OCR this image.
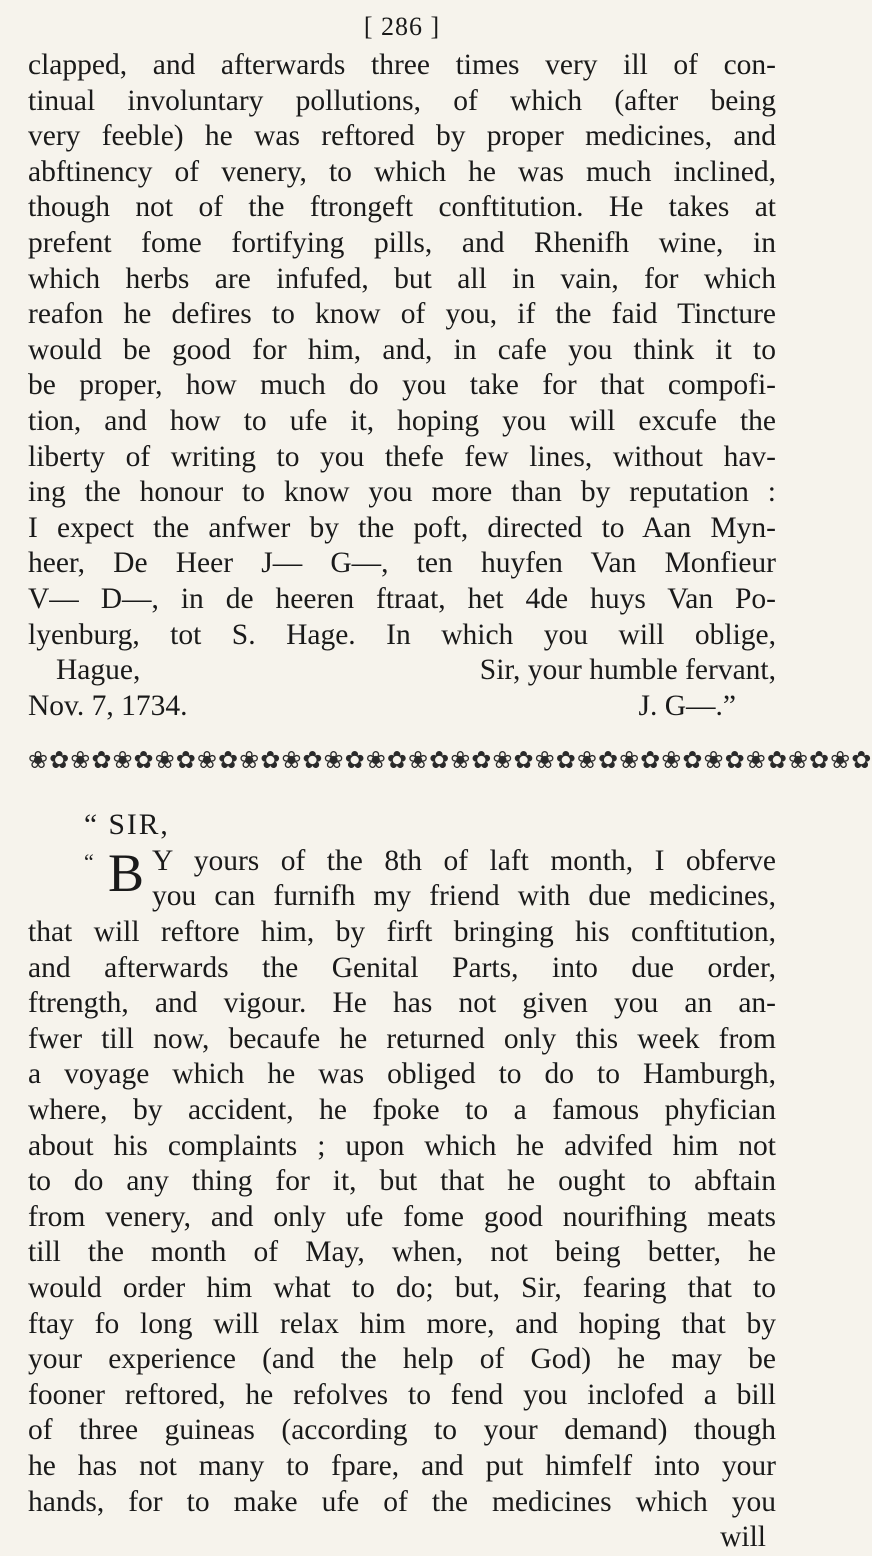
[ 286 ]
clapped, and afterwards three times very ill of con-
tinual involuntary pollutions, of which (after being
very feeble) he was reftored by proper medicines, and
abftinency of venery, to which he was much inclined,
though not of the ftrongeft conftitution. He takes at
prefent fome fortifying pills, and Rhenifh wine, in
which herbs are infufed, but all in vain, for which
reafon he defires to know of you, if the faid Tincture
would be good for him, and, in cafe you think it to
be proper, how much do you take for that compofi-
tion, and how to ufe it, hoping you will excufe the
liberty of writing to you thefe few lines, without hav-
ing the honour to know you more than by reputation :
I expect the anfwer by the poft, directed to Aan Myn-
heer, De Heer J— G—, ten huyfen Van Monfieur
V— D—, in de heeren ftraat, het 4de huys Van Po-
lyenburg, tot S. Hage. In which you will oblige,
Hague,	Sir, your humble fervant,
Nov. 7, 1734.	J. G—.”
❀✿❀✿❀✿❀✿❀✿❀✿❀✿❀✿❀✿❀✿❀✿❀✿❀✿❀✿❀✿❀✿❀✿❀✿❀✿❀✿
“ SIR,
“ B Y yours of the 8th of laft month, I obferve
you can furnifh my friend with due medicines,
that will reftore him, by firft bringing his conftitution,
and afterwards the Genital Parts, into due order,
ftrength, and vigour. He has not given you an an-
fwer till now, becaufe he returned only this week from
a voyage which he was obliged to do to Hamburgh,
where, by accident, he fpoke to a famous phyfician
about his complaints ; upon which he advifed him not
to do any thing for it, but that he ought to abftain
from venery, and only ufe fome good nourifhing meats
till the month of May, when, not being better, he
would order him what to do; but, Sir, fearing that to
ftay fo long will relax him more, and hoping that by
your experience (and the help of God) he may be
fooner reftored, he refolves to fend you inclofed a bill
of three guineas (according to your demand) though
he has not many to fpare, and put himfelf into your
hands, for to make ufe of the medicines which you
will
